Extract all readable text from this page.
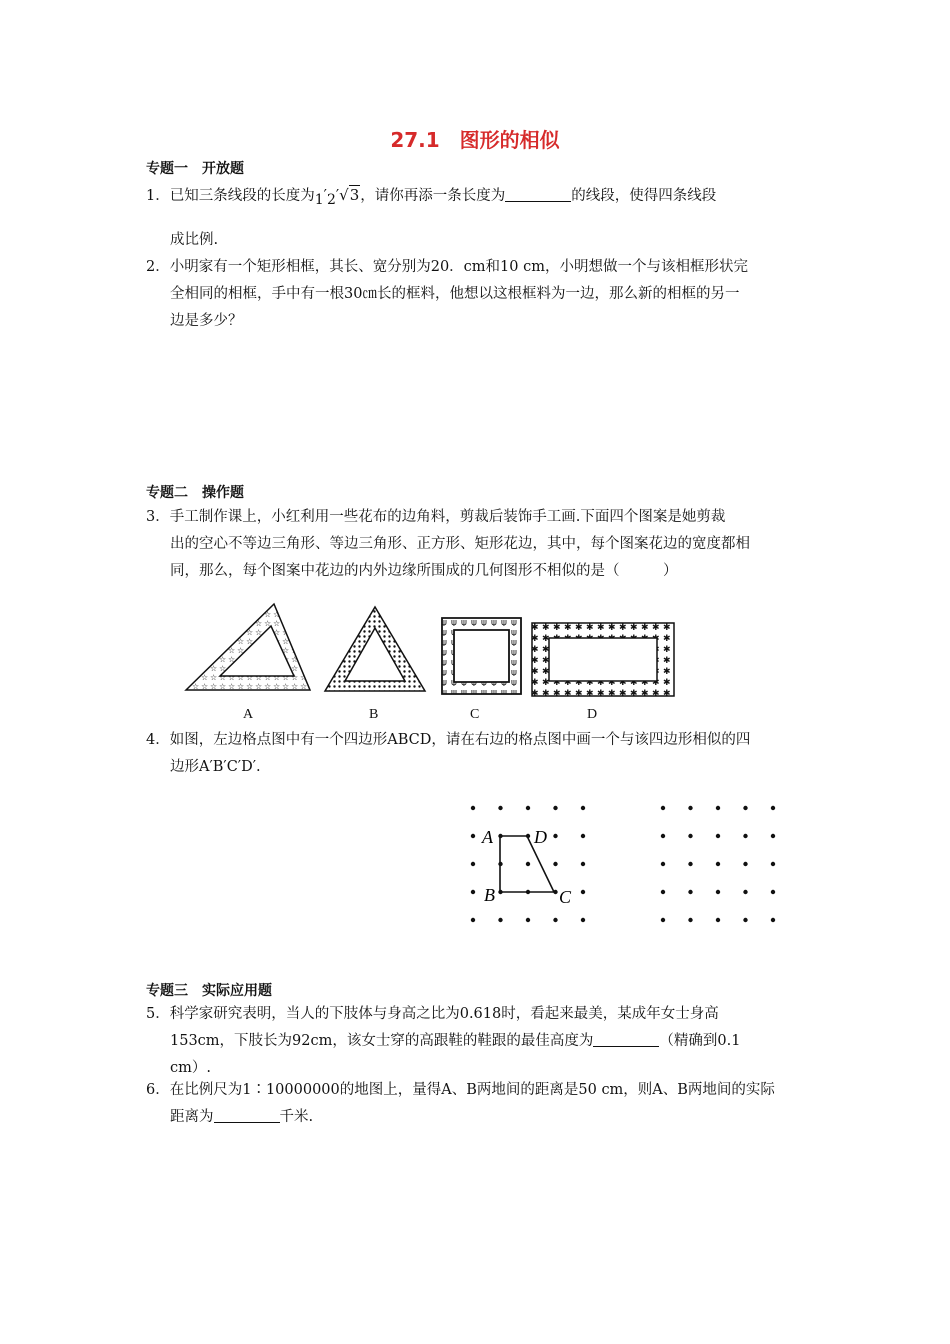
27.1　图形的相似
专题一　开放题
1．已知三条线段的长度为$_1'_2'√3$，请你再添一条长度为	的线段，使得四条线段
成比例.
2．小明家有一个矩形相框，其长、宽分别为20．cm和10 cm，小明想做一个与该相框形状完
全相同的相框，手中有一根30㎝长的框料，他想以这根框料为一边，那么新的相框的另一
边是多少？
专题二　操作题
3．手工制作课上，小红利用一些花布的边角料，剪裁后装饰手工画.下面四个图案是她剪裁
出的空心不等边三角形、等边三角形、正方形、矩形花边，其中，每个图案花边的宽度都相
同，那么，每个图案中花边的内外边缘所围成的几何图形不相似的是（　　　）
A	B	C	D
4．如图，左边格点图中有一个四边形ABCD，请在右边的格点图中画一个与该四边形相似的四
边形A′B′C′D′.
A
B	C
D
专题三　实际应用题
5．科学家研究表明，当人的下肢体与身高之比为0.618时，看起来最美，某成年女士身高
153cm，下肢长为92cm，该女士穿的高跟鞋的鞋跟的最佳高度为	（精确到0.1
cm）.
6．在比例尺为1∶10000000的地图上，量得A、B两地间的距离是50 cm，则A、B两地间的实际
距离为	千米.
